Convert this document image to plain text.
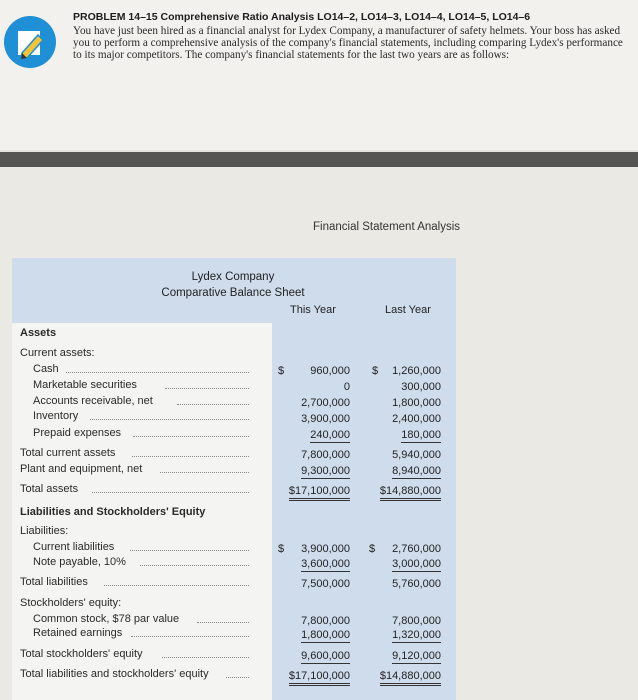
PROBLEM 14–15 Comprehensive Ratio Analysis LO14–2, LO14–3, LO14–4, LO14–5, LO14–6
You have just been hired as a financial analyst for Lydex Company, a manufacturer of safety helmets. Your boss has asked you to perform a comprehensive analysis of the company's financial statements, including comparing Lydex's performance to its major competitors. The company's financial statements for the last two years are as follows:
Financial Statement Analysis
Lydex Company
Comparative Balance Sheet
This Year	Last Year
Assets
Current assets:
Cash	$ 960,000 $ 1,260,000
Marketable securities	0	300,000
Accounts receivable, net	2,700,000	1,800,000
Inventory	3,900,000	2,400,000
Prepaid expenses	240,000	180,000
Total current assets	7,800,000	5,940,000
Plant and equipment, net	9,300,000	8,940,000
Total assets	$17,100,000	$14,880,000
Liabilities and Stockholders' Equity
Liabilities:
Current liabilities	$ 3,900,000 $ 2,760,000
Note payable, 10%	3,600,000	3,000,000
Total liabilities	7,500,000	5,760,000
Stockholders' equity:
Common stock, $78 par value	7,800,000	7,800,000
Retained earnings	1,800,000	1,320,000
Total stockholders' equity	9,600,000	9,120,000
Total liabilities and stockholders' equity	$17,100,000	$14,880,000
